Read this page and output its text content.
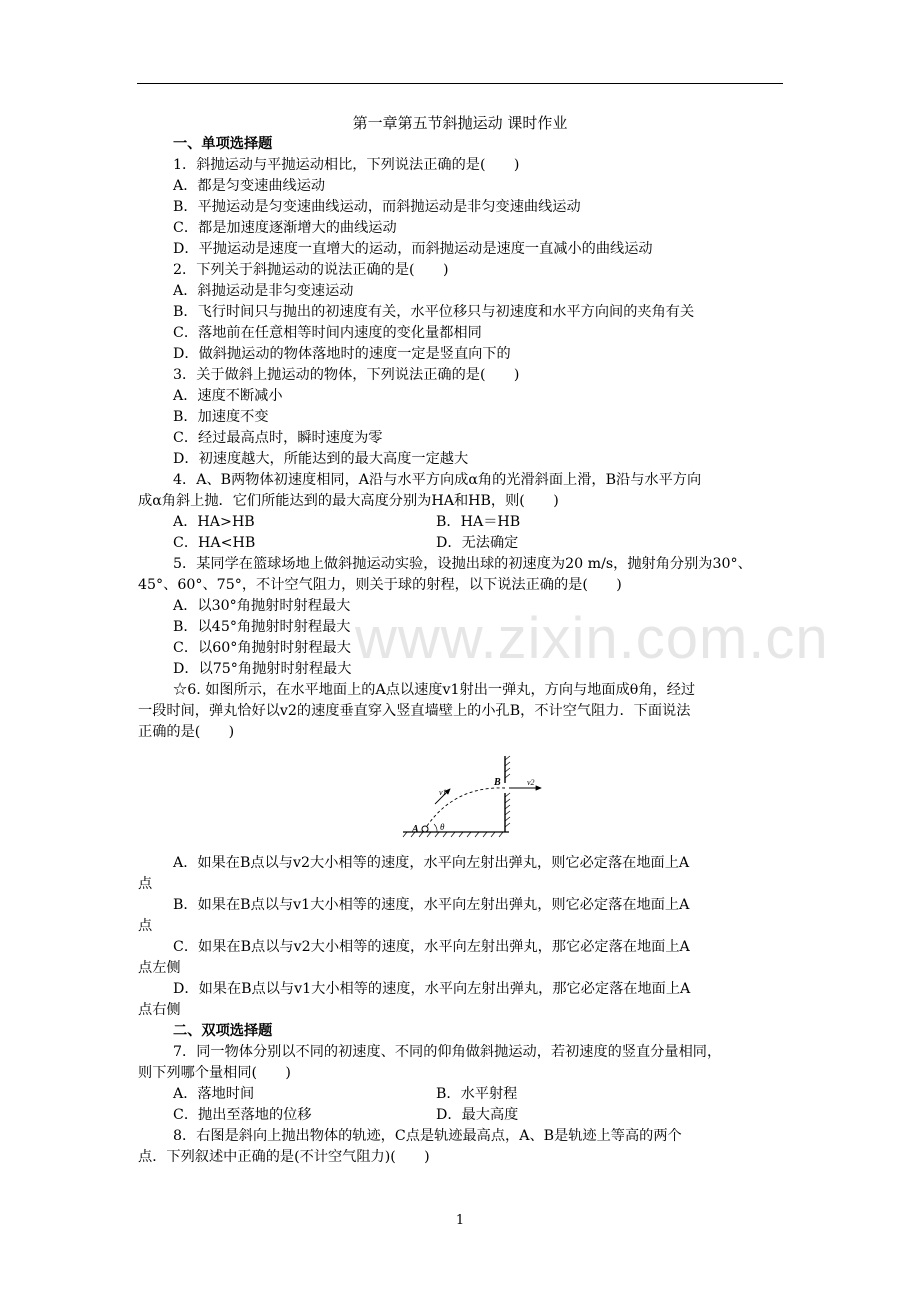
www.zixin.com.cn
第一章第五节斜抛运动 课时作业
一、单项选择题
1．斜抛运动与平抛运动相比，下列说法正确的是(　　)
A．都是匀变速曲线运动
B．平抛运动是匀变速曲线运动，而斜抛运动是非匀变速曲线运动
C．都是加速度逐渐增大的曲线运动
D．平抛运动是速度一直增大的运动，而斜抛运动是速度一直减小的曲线运动
2．下列关于斜抛运动的说法正确的是(　　)
A．斜抛运动是非匀变速运动
B．飞行时间只与抛出的初速度有关，水平位移只与初速度和水平方向间的夹角有关
C．落地前在任意相等时间内速度的变化量都相同
D．做斜抛运动的物体落地时的速度一定是竖直向下的
3．关于做斜上抛运动的物体，下列说法正确的是(　　)
A．速度不断减小
B．加速度不变
C．经过最高点时，瞬时速度为零
D．初速度越大，所能达到的最大高度一定越大
4．A、B两物体初速度相同，A沿与水平方向成α角的光滑斜面上滑，B沿与水平方向
成α角斜上抛．它们所能达到的最大高度分别为HA和HB，则(　　)
A．HA>HB	B．HA＝HB
C．HA<HB	D．无法确定
5．某同学在篮球场地上做斜抛运动实验，设抛出球的初速度为20 m/s，抛射角分别为30°、
45°、60°、75°，不计空气阻力，则关于球的射程，以下说法正确的是(　　)
A．以30°角抛射时射程最大
B．以45°角抛射时射程最大
C．以60°角抛射时射程最大
D．以75°角抛射时射程最大
☆6. 如图所示，在水平地面上的A点以速度v1射出一弹丸，方向与地面成θ角，经过
一段时间，弹丸恰好以v2的速度垂直穿入竖直墙壁上的小孔B，不计空气阻力．下面说法
正确的是(　　)
v1
v2
B
A θ
A．如果在B点以与v2大小相等的速度，水平向左射出弹丸，则它必定落在地面上A
点
B．如果在B点以与v1大小相等的速度，水平向左射出弹丸，则它必定落在地面上A
点
C．如果在B点以与v2大小相等的速度，水平向左射出弹丸，那它必定落在地面上A
点左侧
D．如果在B点以与v1大小相等的速度，水平向左射出弹丸，那它必定落在地面上A
点右侧
二、双项选择题
7．同一物体分别以不同的初速度、不同的仰角做斜抛运动，若初速度的竖直分量相同，
则下列哪个量相同(　　)
A．落地时间	B．水平射程
C．抛出至落地的位移	D．最大高度
8．右图是斜向上抛出物体的轨迹，C点是轨迹最高点，A、B是轨迹上等高的两个
点．下列叙述中正确的是(不计空气阻力)(　　)
1
